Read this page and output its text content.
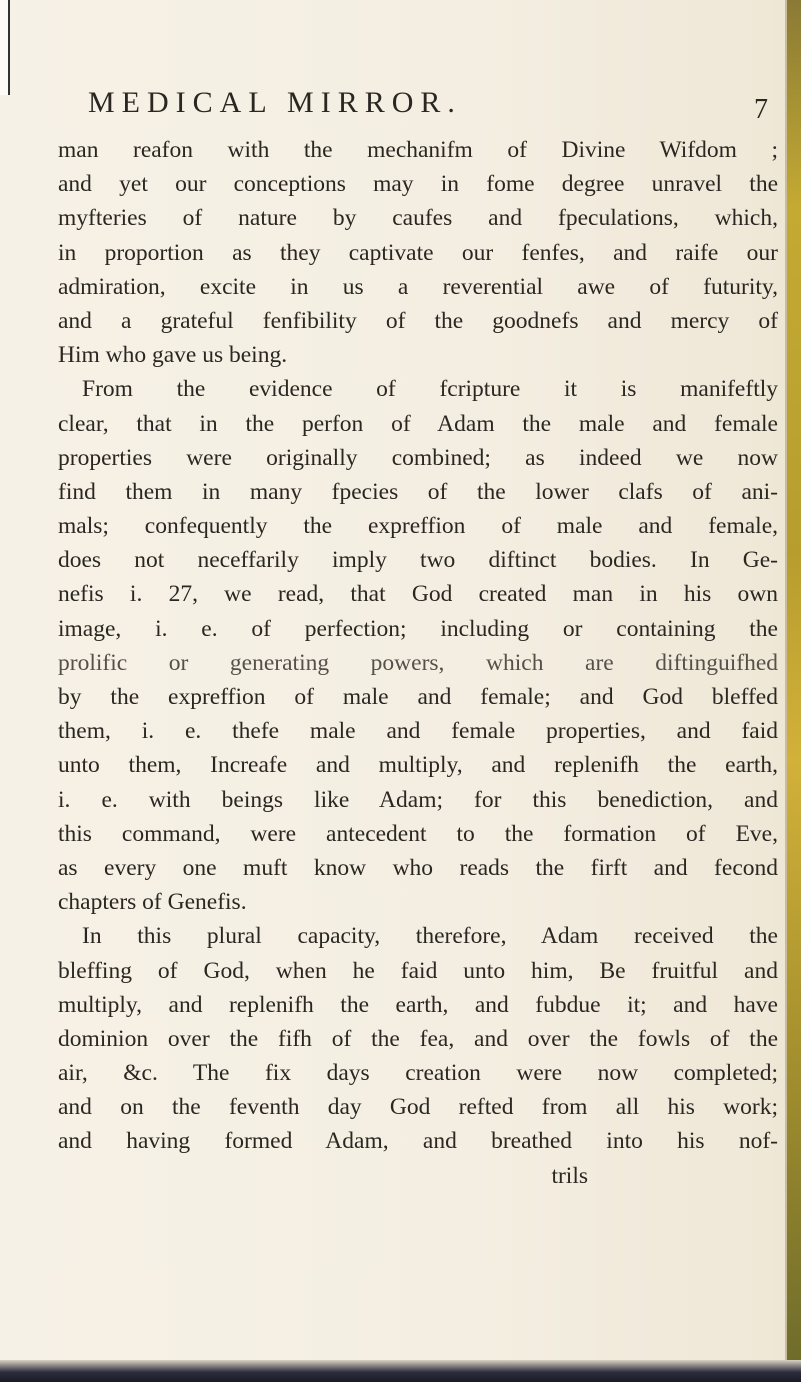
MEDICAL MIRROR.	7
man reafon with the mechanifm of Divine Wifdom ;
and yet our conceptions may in fome degree unravel the
myfteries of nature by caufes and fpeculations, which,
in proportion as they captivate our fenfes, and raife our
admiration, excite in us a reverential awe of futurity,
and a grateful fenfibility of the goodnefs and mercy of
Him who gave us being.
From the evidence of fcripture it is manifeftly
clear, that in the perfon of Adam the male and female
properties were originally combined; as indeed we now
find them in many fpecies of the lower clafs of ani-
mals; confequently the expreffion of male and female,
does not neceffarily imply two diftinct bodies. In Ge-
nefis i. 27, we read, that God created man in his own
image, i. e. of perfection; including or containing the
prolific or generating powers, which are diftinguifhed
by the expreffion of male and female; and God bleffed
them, i. e. thefe male and female properties, and faid
unto them, Increafe and multiply, and replenifh the earth,
i. e. with beings like Adam; for this benediction, and
this command, were antecedent to the formation of Eve,
as every one muft know who reads the firft and fecond
chapters of Genefis.
In this plural capacity, therefore, Adam received the
bleffing of God, when he faid unto him, Be fruitful and
multiply, and replenifh the earth, and fubdue it; and have
dominion over the fifh of the fea, and over the fowls of the
air, &c. The fix days creation were now completed;
and on the feventh day God refted from all his work;
and having formed Adam, and breathed into his nof-
trils
